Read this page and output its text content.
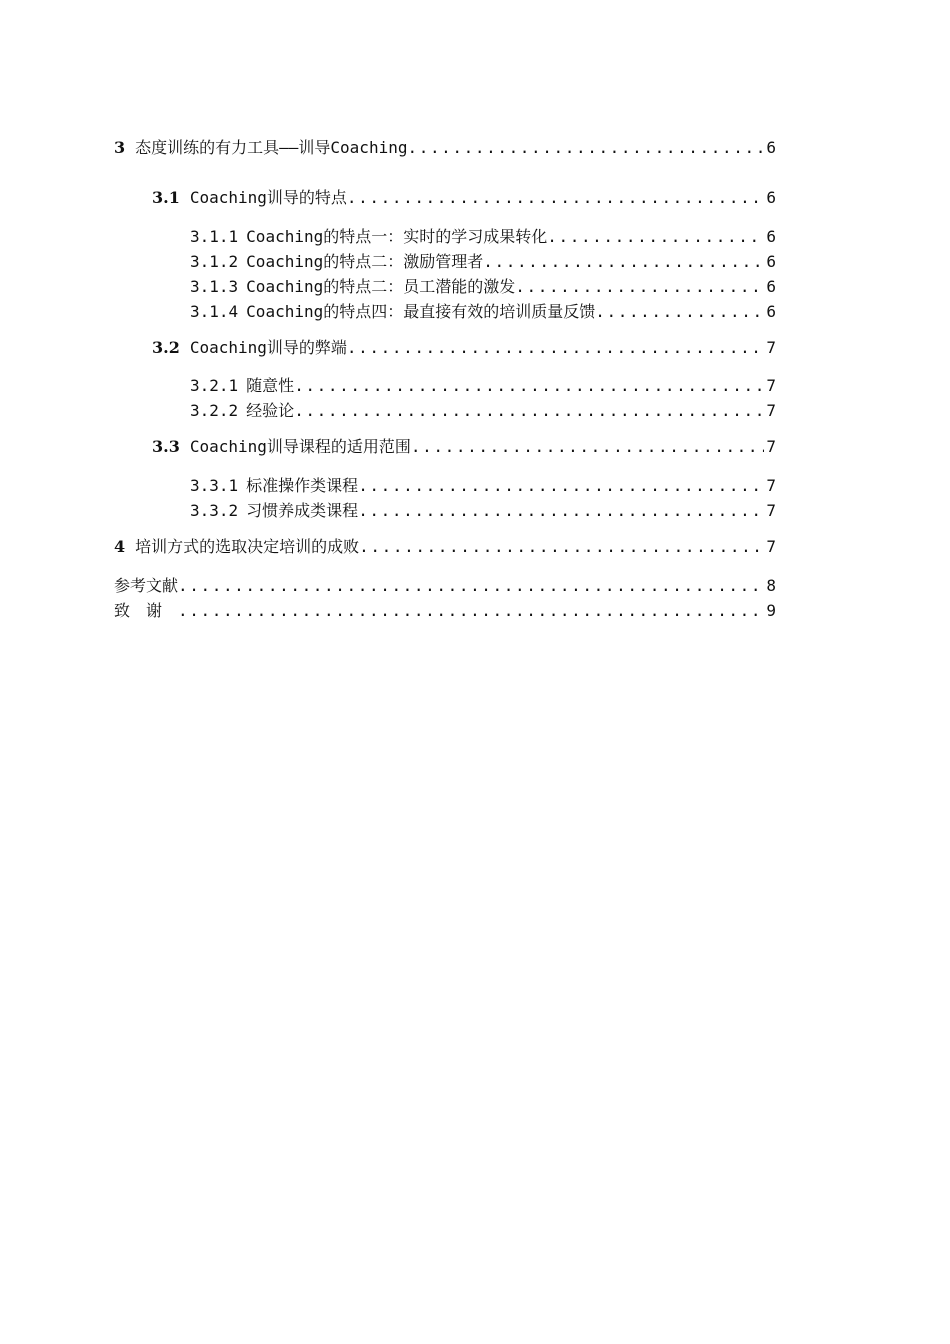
3 态度训练的有力工具——训导Coaching .....	6
3.1 Coaching训导的特点 .....	6
3.1.1 Coaching的特点一：实时的学习成果转化 .....	6
3.1.2 Coaching的特点二：激励管理者 .....	6
3.1.3 Coaching的特点二：员工潜能的激发 .....	6
3.1.4 Coaching的特点四：最直接有效的培训质量反馈 .....	6
3.2 Coaching训导的弊端 .....	7
3.2.1 随意性 .....	7
3.2.2 经验论 .....	7
3.3 Coaching训导课程的适用范围 .....	7
3.3.1 标准操作类课程 .....	7
3.3.2 习惯养成类课程 .....	7
4 培训方式的选取决定培训的成败 .....	7
参考文献 .....	8
致谢 .....	9
